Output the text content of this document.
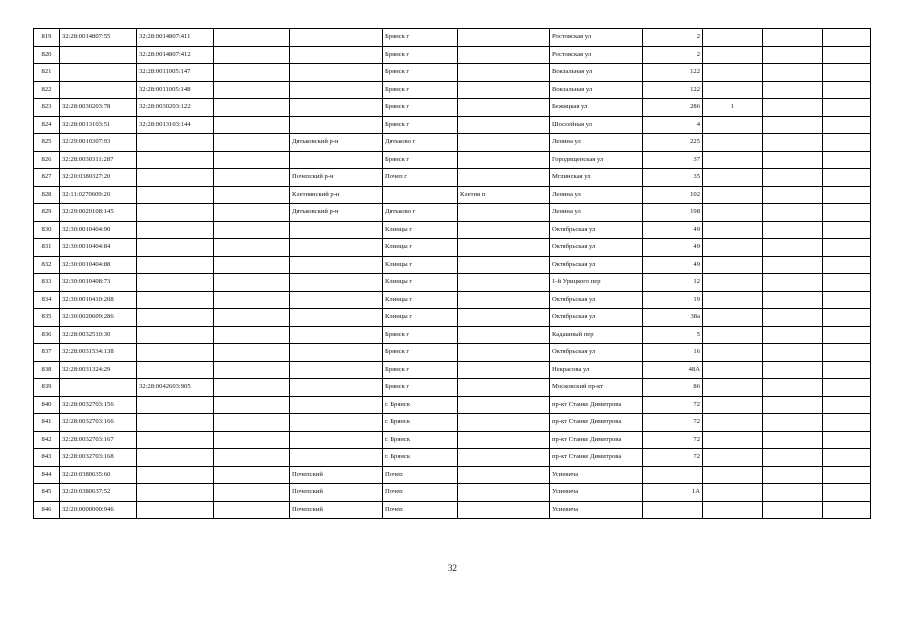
819	32:28:0014807:55	32:28:0014807:411			Брянск г		Ростовская ул	2			
820		32:28:0014807:412			Брянск г		Ростовская ул	2			
821		32:28:0011005:147			Брянск г		Вокзальная ул	122			
822		32:28:0011005:148			Брянск г		Вокзальная ул	122			
823	32:28:0030203:78	32:28:0030203:122			Брянск г		Бежицкая ул	286	1		
824	32:28:0013103:51	32:28:0013103:144			Брянск г		Шоссейная ул	4			
825	32:29:0010307:93			Дятьковский р-н	Дятьково г		Ленина ул	225			
826	32:28:0030311:287				Брянск г		Городищенская ул	37			
827	32:20:0380327:20			Почепский р-н	Почеп г		Мглинская ул	35			
828	32:11:0270609:20			Клетнянский р-н		Клетня п	Ленина ул	102			
829	32:29:0020108:145			Дятьковский р-н	Дятьково г		Ленина ул	198			
830	32:30:0010404:90				Клинцы г		Октябрьская ул	49			
831	32:30:0010404:84				Клинцы г		Октябрьская ул	49			
832	32:30:0010404:88				Клинцы г		Октябрьская ул	49			
833	32:30:0010408:73				Клинцы г		1-й Урицкого пер	12			
834	32:30:0010410:208				Клинцы г		Октябрьская ул	19			
835	32:30:0020609:286				Клинцы г		Октябрьская ул	38а			
836	32:28:0032510:30				Брянск г		Кадашный пер	5			
837	32:28:0031534:138				Брянск г		Октябрьская ул	16			
838	32:28:0031324:29				Брянск г		Некрасова ул	48А			
839		32:28:0042603:905			Брянск г		Московский пр-кт	86			
840	32:28:0032703:156				г. Брянск		пр-кт Станке Димитрова	72			
841	32:28:0032703:166				г. Брянск		пр-кт Станке Димитрова	72			
842	32:28:0032703:167				г. Брянск		пр-кт Станке Димитрова	72			
843	32:28:0032703:168				г. Брянск		пр-кт Станке Димитрова	72			
844	32:20:0380635:60			Почепский	Почеп		Усиевича				
845	32:20:0380637:52			Почепский	Почеп		Усиевича	1А			
846	32:20:0000000:946			Почепский	Почеп		Усиевича				
32
